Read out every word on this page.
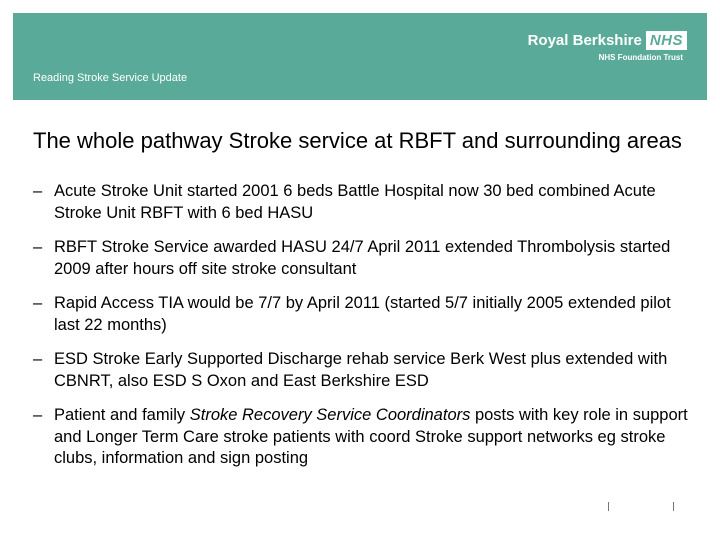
Reading Stroke Service Update
Royal Berkshire NHS
NHS Foundation Trust
The whole pathway Stroke service at RBFT and surrounding areas
– Acute Stroke Unit started 2001 6 beds Battle Hospital now 30 bed combined Acute Stroke Unit RBFT with 6 bed HASU
– RBFT Stroke Service awarded HASU 24/7 April 2011 extended Thrombolysis started 2009 after hours off site stroke consultant
– Rapid Access TIA would be 7/7 by April 2011 (started 5/7 initially 2005 extended pilot last 22 months)
– ESD Stroke Early Supported Discharge rehab service Berk West plus extended with CBNRT, also ESD S Oxon and East Berkshire ESD
– Patient and family Stroke Recovery Service Coordinators posts with key role in support and Longer Term Care stroke patients with coord Stroke support networks eg stroke clubs, information and sign posting
